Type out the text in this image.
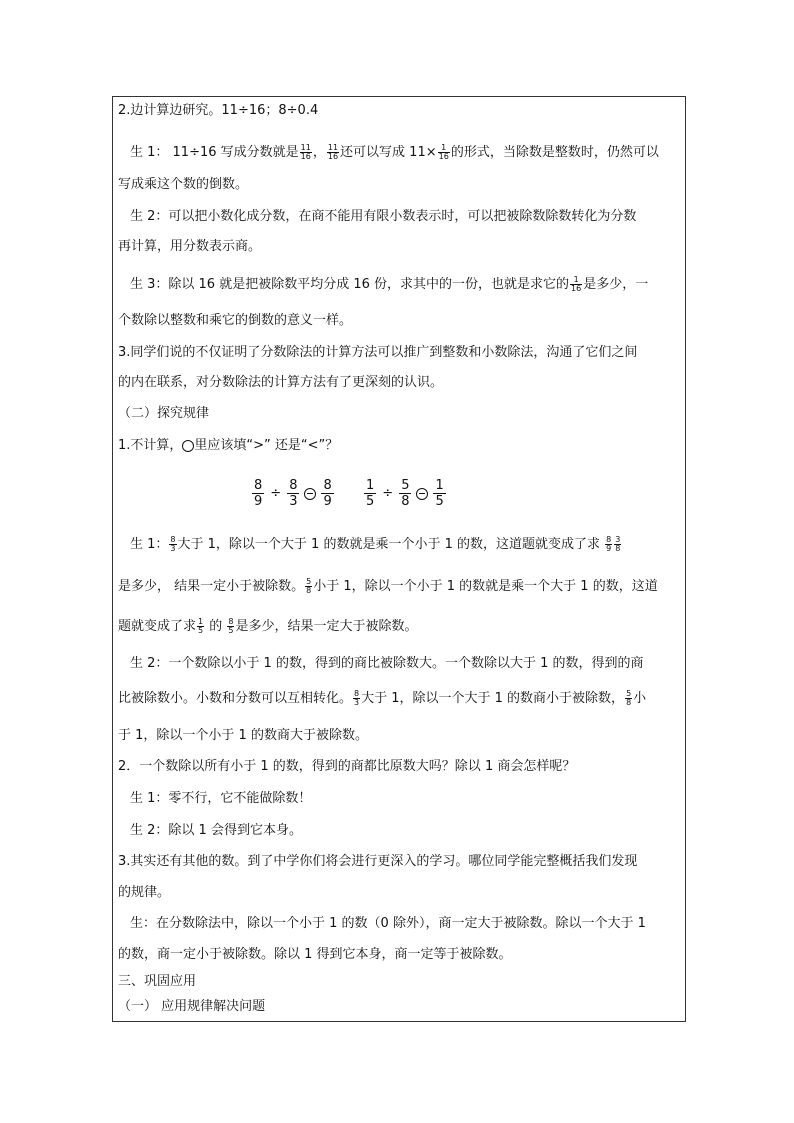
2.边计算边研究。11÷16；8÷0.4
生 1： 11÷16 写成分数就是 $\frac{11}{16}$ ， $\frac{11}{16}$ 还可以写成 $11\times \frac{1}{16}$ 的形式，当除数是整数时，仍然可以
写成乘这个数的倒数。
生 2：可以把小数化成分数，在商不能用有限小数表示时，可以把被除数除数转化为分数
再计算，用分数表示商。
生 3：除以 16 就是把被除数平均分成 16 份，求其中的一份，也就是求它的 $\frac{1}{16}$ 是多少，一
个数除以整数和乘它的倒数的意义一样。
3.同学们说的不仅证明了分数除法的计算方法可以推广到整数和小数除法，沟通了它们之间
的内在联系，对分数除法的计算方法有了更深刻的认识。
（二）探究规律
1.不计算， 里应该填“>” 还是“<”？
$\frac{8}{9} \div \frac{8}{3} \frac{8}{9} \frac{1}{5} \div \frac{5}{8} \frac{1}{5}$
生 1： $\frac{8}{3}$ 大于 1，除以一个大于 1 的数就是乘一个小于 1 的数，这道题就变成了求 $\frac{8}{9} \frac{3}{8}$
是多少， 结果一定小于被除数。 $\frac{5}{8}$ 小于 1，除以一个小于 1 的数就是乘一个大于 1 的数，这道
题就变成了求 $\frac{1}{5}$ 的 $\frac{8}{5}$ 是多少，结果一定大于被除数。
生 2：一个数除以小于 1 的数，得到的商比被除数大。一个数除以大于 1 的数，得到的商
比被除数小。小数和分数可以互相转化。 $\frac{8}{3}$ 大于 1，除以一个大于 1 的数商小于被除数， $\frac{5}{8}$ 小
于 1，除以一个小于 1 的数商大于被除数。
2．一个数除以所有小于 1 的数，得到的商都比原数大吗？除以 1 商会怎样呢？
生 1：零不行，它不能做除数！
生 2：除以 1 会得到它本身。
3.其实还有其他的数。到了中学你们将会进行更深入的学习。哪位同学能完整概括我们发现
的规律。
生：在分数除法中，除以一个小于 1 的数（0 除外），商一定大于被除数。除以一个大于 1
的数，商一定小于被除数。除以 1 得到它本身，商一定等于被除数。
三、巩固应用
（一） 应用规律解决问题
